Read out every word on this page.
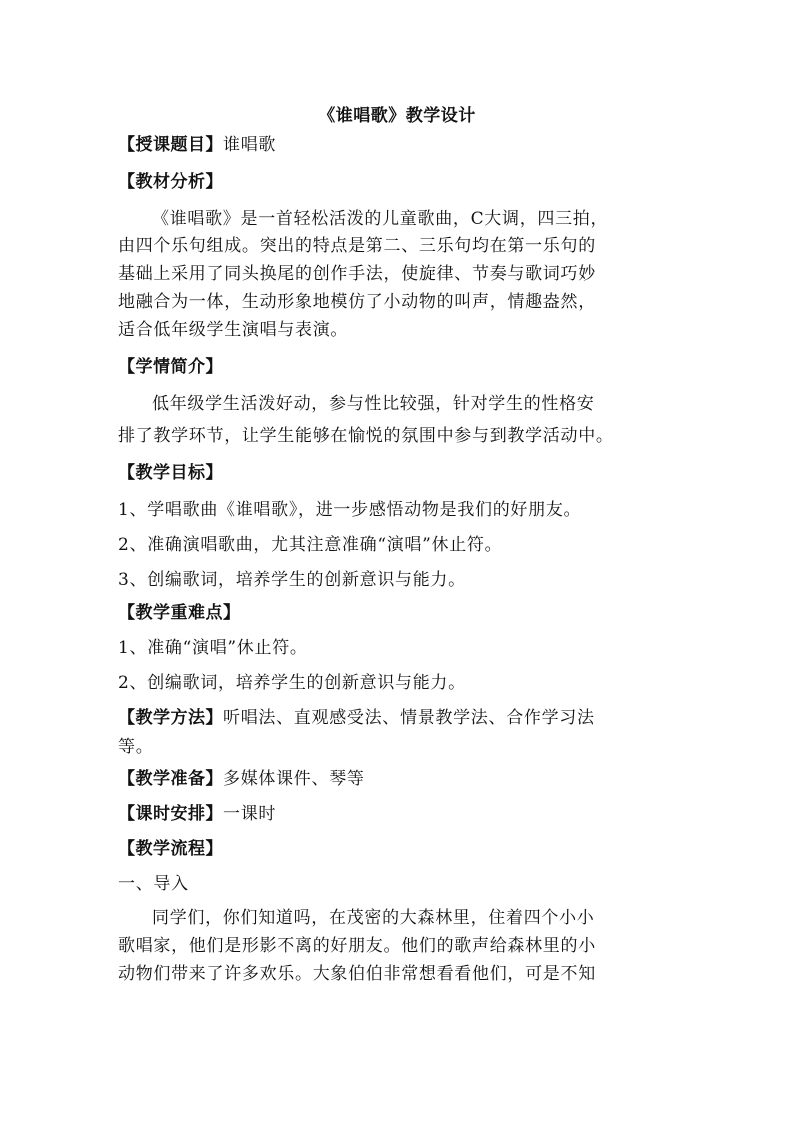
《谁唱歌》教学设计
【授课题目】谁唱歌
【教材分析】
《谁唱歌》是一首轻松活泼的儿童歌曲，C大调，四三拍，
由四个乐句组成。突出的特点是第二、三乐句均在第一乐句的
基础上采用了同头换尾的创作手法，使旋律、节奏与歌词巧妙
地融合为一体，生动形象地模仿了小动物的叫声，情趣盎然，
适合低年级学生演唱与表演。
【学情简介】
低年级学生活泼好动，参与性比较强，针对学生的性格安
排了教学环节，让学生能够在愉悦的氛围中参与到教学活动中。
【教学目标】
1、学唱歌曲《谁唱歌》，进一步感悟动物是我们的好朋友。
2、准确演唱歌曲，尤其注意准确“演唱”休止符。
3、创编歌词，培养学生的创新意识与能力。
【教学重难点】
1、准确“演唱”休止符。
2、创编歌词，培养学生的创新意识与能力。
【教学方法】听唱法、直观感受法、情景教学法、合作学习法
等。
【教学准备】多媒体课件、琴等
【课时安排】一课时
【教学流程】
一、导入
同学们，你们知道吗，在茂密的大森林里，住着四个小小
歌唱家，他们是形影不离的好朋友。他们的歌声给森林里的小
动物们带来了许多欢乐。大象伯伯非常想看看他们，可是不知
